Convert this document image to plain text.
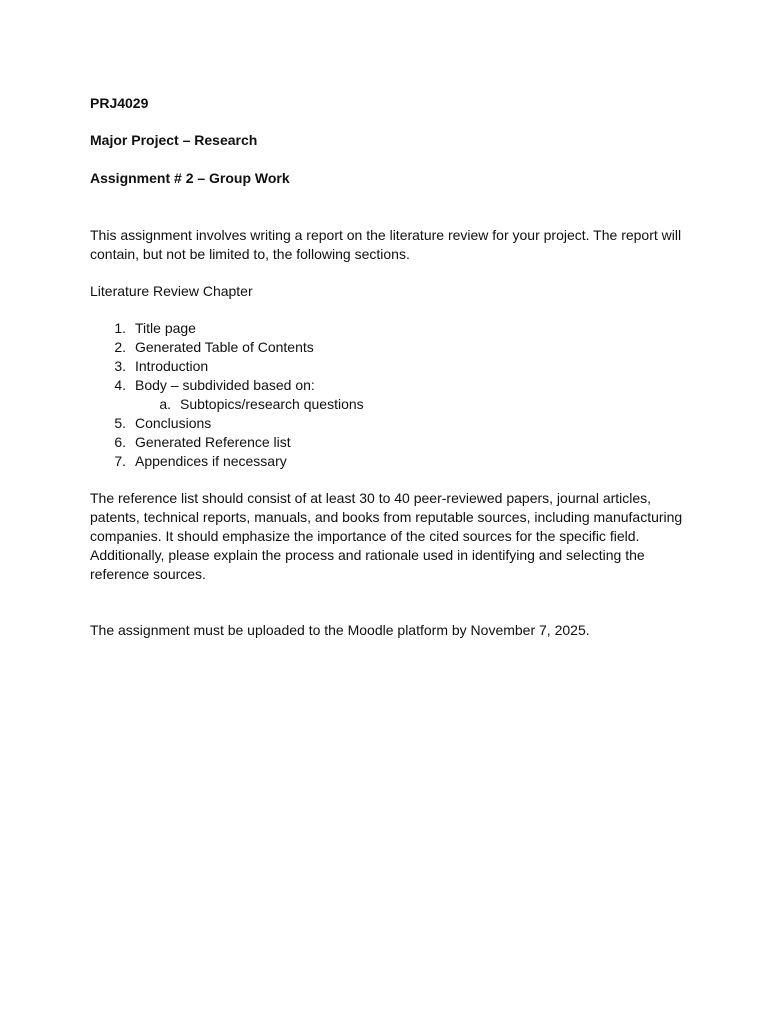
PRJ4029

Major Project – Research

Assignment # 2 – Group Work

This assignment involves writing a report on the literature review for your project. The report will contain, but not be limited to, the following sections.

Literature Review Chapter

1. Title page
2. Generated Table of Contents
3. Introduction
4. Body – subdivided based on:
a. Subtopics/research questions
5. Conclusions
6. Generated Reference list
7. Appendices if necessary

The reference list should consist of at least 30 to 40 peer-reviewed papers, journal articles, patents, technical reports, manuals, and books from reputable sources, including manufacturing companies. It should emphasize the importance of the cited sources for the specific field. Additionally, please explain the process and rationale used in identifying and selecting the reference sources.

The assignment must be uploaded to the Moodle platform by November 7, 2025.
